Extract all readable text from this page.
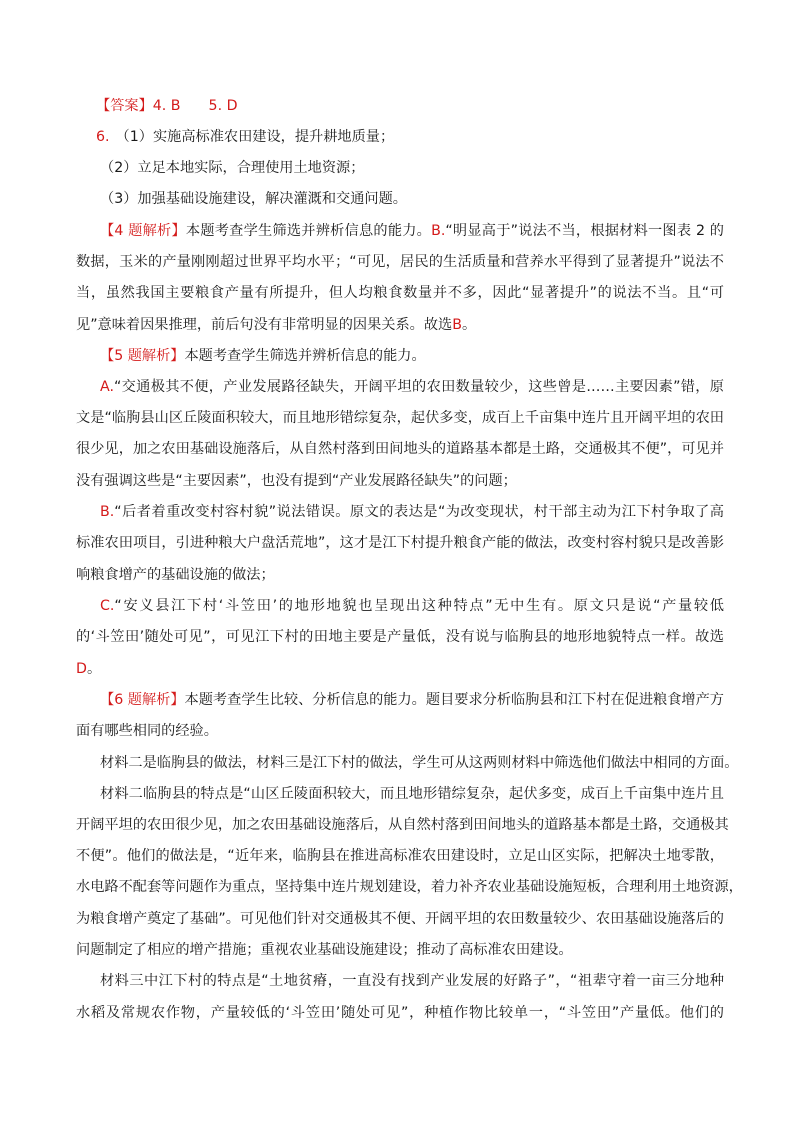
【答案】4. B 5. D
6. （1）实施高标准农田建设，提升耕地质量；
（2）立足本地实际，合理使用土地资源；
（3）加强基础设施建设，解决灌溉和交通问题。
【4 题解析】本题考查学生筛选并辨析信息的能力。B.“明显高于”说法不当，根据材料一图表 2 的
数据，玉米的产量刚刚超过世界平均水平；“可见，居民的生活质量和营养水平得到了显著提升”说法不
当，虽然我国主要粮食产量有所提升，但人均粮食数量并不多，因此“显著提升”的说法不当。且“可
见”意味着因果推理，前后句没有非常明显的因果关系。故选B。
【5 题解析】本题考查学生筛选并辨析信息的能力。
A.“交通极其不便，产业发展路径缺失，开阔平坦的农田数量较少，这些曾是……主要因素”错，原
文是“临朐县山区丘陵面积较大，而且地形错综复杂，起伏多变，成百上千亩集中连片且开阔平坦的农田
很少见，加之农田基础设施落后，从自然村落到田间地头的道路基本都是土路，交通极其不便”，可见并
没有强调这些是“主要因素”，也没有提到“产业发展路径缺失”的问题；
B.“后者着重改变村容村貌”说法错误。原文的表达是“为改变现状，村干部主动为江下村争取了高
标准农田项目，引进种粮大户盘活荒地”，这才是江下村提升粮食产能的做法，改变村容村貌只是改善影
响粮食增产的基础设施的做法；
C.“安义县江下村‘斗笠田’的地形地貌也呈现出这种特点”无中生有。原文只是说“产量较低
的‘斗笠田’随处可见”，可见江下村的田地主要是产量低，没有说与临朐县的地形地貌特点一样。故选
D。
【6 题解析】本题考查学生比较、分析信息的能力。题目要求分析临朐县和江下村在促进粮食增产方
面有哪些相同的经验。
材料二是临朐县的做法，材料三是江下村的做法，学生可从这两则材料中筛选他们做法中相同的方面。
材料二临朐县的特点是“山区丘陵面积较大，而且地形错综复杂，起伏多变，成百上千亩集中连片且
开阔平坦的农田很少见，加之农田基础设施落后，从自然村落到田间地头的道路基本都是土路，交通极其
不便”。他们的做法是，“近年来，临朐县在推进高标准农田建设时，立足山区实际，把解决土地零散，
水电路不配套等问题作为重点，坚持集中连片规划建设，着力补齐农业基础设施短板，合理利用土地资源，
为粮食增产奠定了基础”。可见他们针对交通极其不便、开阔平坦的农田数量较少、农田基础设施落后的
问题制定了相应的增产措施；重视农业基础设施建设；推动了高标准农田建设。
材料三中江下村的特点是“土地贫瘠，一直没有找到产业发展的好路子”，“祖辈守着一亩三分地种
水稻及常规农作物，产量较低的‘斗笠田’随处可见”，种植作物比较单一，“斗笠田”产量低。他们的
